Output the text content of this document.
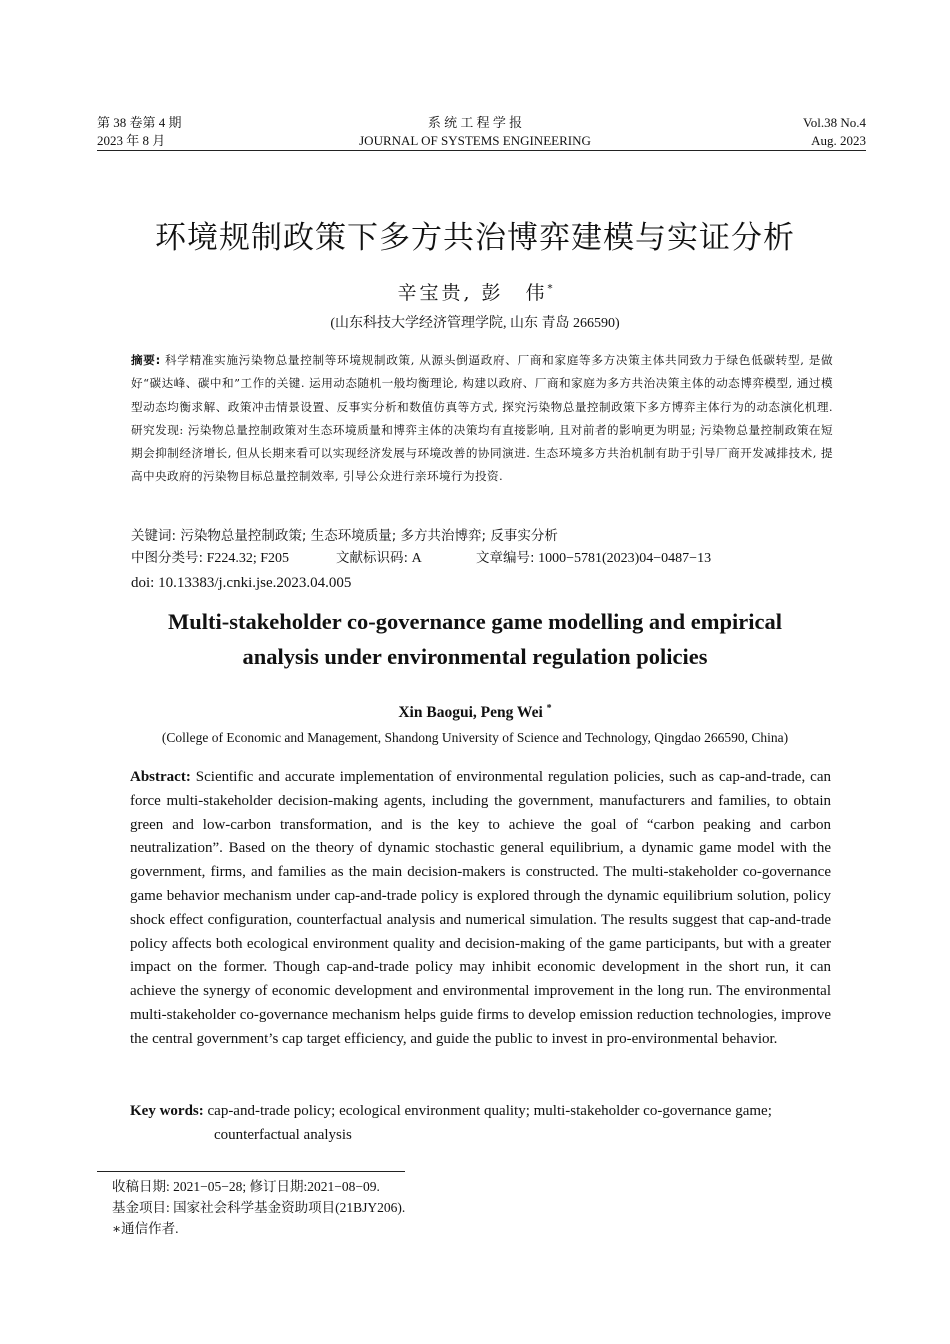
第 38 卷第 4 期
2023 年 8 月
系 统 工 程 学 报
JOURNAL OF SYSTEMS ENGINEERING
Vol.38 No.4
Aug. 2023
环境规制政策下多方共治博弈建模与实证分析
辛宝贵, 彭　伟*
(山东科技大学经济管理学院, 山东 青岛 266590)
摘要: 科学精准实施污染物总量控制等环境规制政策, 从源头倒逼政府、厂商和家庭等多方决策主体共同致力于绿色低碳转型, 是做好“碳达峰、碳中和”工作的关键. 运用动态随机一般均衡理论, 构建以政府、厂商和家庭为多方共治决策主体的动态博弈模型, 通过模型动态均衡求解、政策冲击情景设置、反事实分析和数值仿真等方式, 探究污染物总量控制政策下多方博弈主体行为的动态演化机理. 研究发现: 污染物总量控制政策对生态环境质量和博弈主体的决策均有直接影响, 且对前者的影响更为明显; 污染物总量控制政策在短期会抑制经济增长, 但从长期来看可以实现经济发展与环境改善的协同演进. 生态环境多方共治机制有助于引导厂商开发减排技术, 提高中央政府的污染物目标总量控制效率, 引导公众进行亲环境行为投资.
关键词: 污染物总量控制政策; 生态环境质量; 多方共治博弈; 反事实分析
中图分类号: F224.32; F205	文献标识码: A	文章编号: 1000−5781(2023)04−0487−13
doi: 10.13383/j.cnki.jse.2023.04.005
Multi-stakeholder co-governance game modelling and empirical
analysis under environmental regulation policies
Xin Baogui, Peng Wei *
(College of Economic and Management, Shandong University of Science and Technology, Qingdao 266590, China)
Abstract: Scientific and accurate implementation of environmental regulation policies, such as cap-and-trade, can force multi-stakeholder decision-making agents, including the government, manufacturers and families, to obtain green and low-carbon transformation, and is the key to achieve the goal of “carbon peaking and carbon neutralization”. Based on the theory of dynamic stochastic general equilibrium, a dynamic game model with the government, firms, and families as the main decision-makers is constructed. The multi-stakeholder co-governance game behavior mechanism under cap-and-trade policy is explored through the dynamic equilibrium solution, policy shock effect configuration, counterfactual analysis and numerical simulation. The results suggest that cap-and-trade policy affects both ecological environment quality and decision-making of the game participants, but with a greater impact on the former. Though cap-and-trade policy may inhibit economic development in the short run, it can achieve the synergy of economic development and environmental improvement in the long run. The environmental multi-stakeholder co-governance mechanism helps guide firms to develop emission reduction technologies, improve the central government’s cap target efficiency, and guide the public to invest in pro-environmental behavior.
Key words: cap-and-trade policy; ecological environment quality; multi-stakeholder co-governance game;
counterfactual analysis
收稿日期: 2021−05−28; 修订日期:2021−08−09.
基金项目: 国家社会科学基金资助项目(21BJY206).
∗通信作者.
